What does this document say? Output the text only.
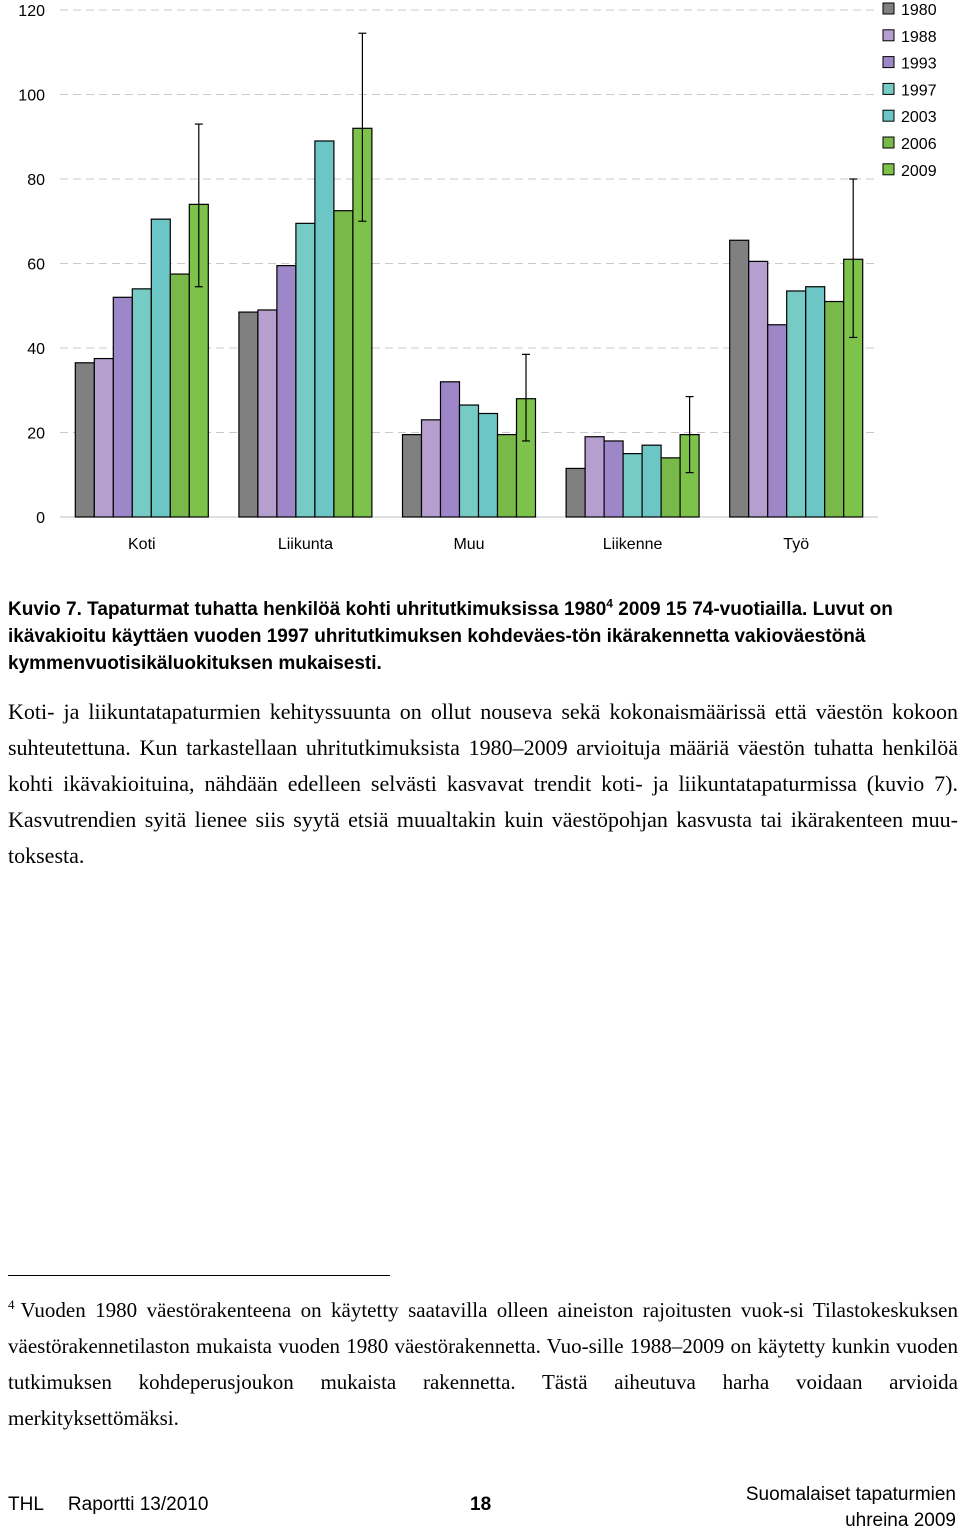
0
20
40
60
80
100
120
Koti	Liikunta	Muu	Liikenne	Työ
1980
1988
1993
1997
2003
2006
2009
Kuvio 7. Tapaturmat tuhatta henkilöä kohti uhritutkimuksissa 1980$^4$ 2009 15 74-vuotiailla. Luvut on ikävakioitu käyttäen vuoden 1997 uhritutkimuksen kohdeväes-tön ikärakennetta vakioväestönä kymmenvuotisikäluokituksen mukaisesti.
Koti- ja liikuntatapaturmien kehityssuunta on ollut nouseva sekä kokonaismäärissä että väestön kokoon suhteutettuna. Kun tarkastellaan uhritutkimuksista 1980–2009 arvioituja määriä väestön tuhatta henkilöä kohti ikävakioituina, nähdään edelleen selvästi kasvavat trendit koti- ja liikuntatapaturmissa (kuvio 7). Kasvutrendien syitä lienee siis syytä etsiä muualtakin kuin väestöpohjan kasvusta tai ikärakenteen muu-toksesta.
$^4$ Vuoden 1980 väestörakenteena on käytetty saatavilla olleen aineiston rajoitusten vuok-si Tilastokeskuksen väestörakennetilaston mukaista vuoden 1980 väestörakennetta. Vuo-sille 1988–2009 on käytetty kunkin vuoden tutkimuksen kohdeperusjoukon mukaista rakennetta. Tästä aiheutuva harha voidaan arvioida merkityksettömäksi.
THL Raportti 13/2010	18	Suomalaiset tapaturmien
uhreina 2009
